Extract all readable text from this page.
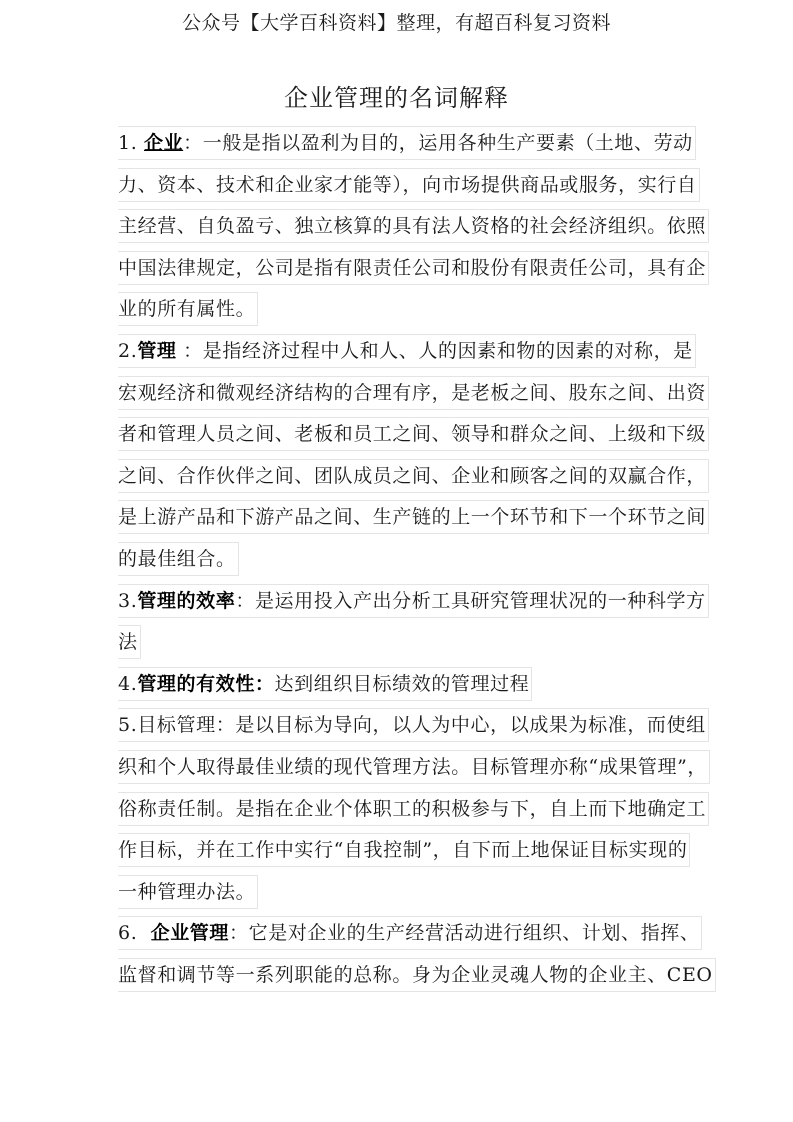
公众号【大学百科资料】整理，有超百科复习资料
企业管理的名词解释
1. 企业：一般是指以盈利为目的，运用各种生产要素（土地、劳动
力、资本、技术和企业家才能等），向市场提供商品或服务，实行自
主经营、自负盈亏、独立核算的具有法人资格的社会经济组织。依照
中国法律规定，公司是指有限责任公司和股份有限责任公司，具有企
业的所有属性。
2.管理 ：是指经济过程中人和人、人的因素和物的因素的对称，是
宏观经济和微观经济结构的合理有序，是老板之间、股东之间、出资
者和管理人员之间、老板和员工之间、领导和群众之间、上级和下级
之间、合作伙伴之间、团队成员之间、企业和顾客之间的双赢合作，
是上游产品和下游产品之间、生产链的上一个环节和下一个环节之间
的最佳组合。
3.管理的效率：是运用投入产出分析工具研究管理状况的一种科学方
法
4.管理的有效性：达到组织目标绩效的管理过程
5.目标管理：是以目标为导向，以人为中心，以成果为标准，而使组
织和个人取得最佳业绩的现代管理方法。目标管理亦称“成果管理”，
俗称责任制。是指在企业个体职工的积极参与下，自上而下地确定工
作目标，并在工作中实行“自我控制”，自下而上地保证目标实现的
一种管理办法。
6.  企业管理：它是对企业的生产经营活动进行组织、计划、指挥、
监督和调节等一系列职能的总称。身为企业灵魂人物的企业主、CEO
